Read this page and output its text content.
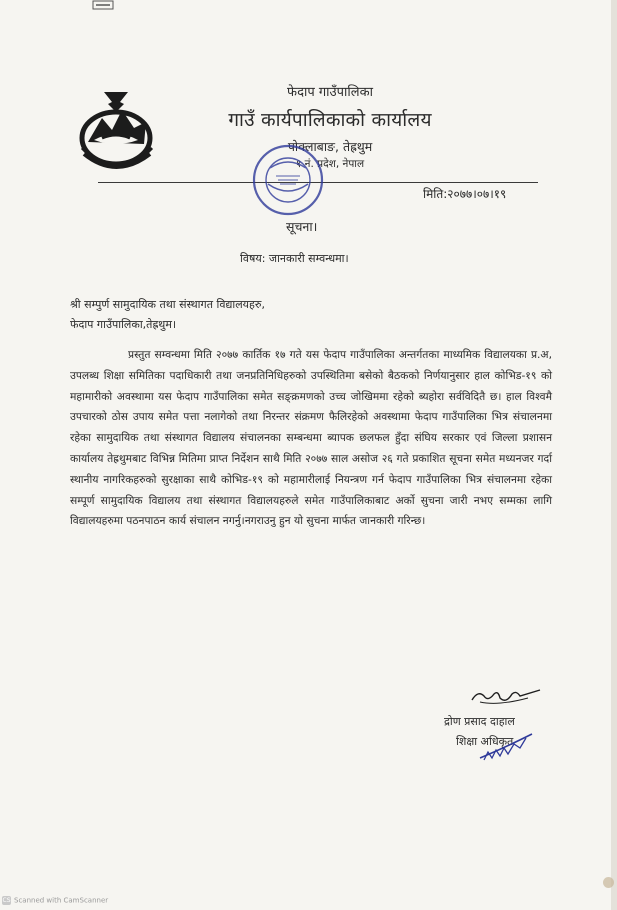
फेदाप गाउँपालिका
गाउँ कार्यपालिकाको कार्यालय
पोक्लाबाङ, तेह्रथुम
१ नं. प्रदेश, नेपाल
मिति:२०७७।०७।१९
सूचना।
विषय: जानकारी सम्वन्धमा।
श्री सम्पुर्ण सामुदायिक तथा संस्थागत विद्यालयहरु,
फेदाप गाउँपालिका,तेह्रथुम।

प्रस्तुत सम्वन्धमा मिति २०७७ कार्तिक १७ गते यस फेदाप गाउँपालिका अन्तर्गतका माध्यमिक विद्यालयका प्र.अ, उपलब्ध शिक्षा समितिका पदाधिकारी तथा जनप्रतिनिधिहरुको उपस्थितिमा बसेको बैठकको निर्णयानुसार हाल कोभिड-१९ को महामारीको अवस्थामा यस फेदाप गाउँपालिका समेत सङ्क्रमणको उच्च जोखिममा रहेको ब्यहोरा सर्वविदितै छ। हाल विश्वमै उपचारको ठोस उपाय समेत पत्ता नलागेको तथा निरन्तर संक्रमण फैलिरहेको अवस्थामा फेदाप गाउँपालिका भित्र संचालनमा रहेका सामुदायिक तथा संस्थागत विद्यालय संचालनका सम्बन्धमा ब्यापक छलफल हुँदा संघिय सरकार एवं जिल्ला प्रशासन कार्यालय तेह्रथुमबाट विभिन्न मितिमा प्राप्त निर्देशन साथै मिति २०७७ साल असोज २६ गते प्रकाशित सूचना समेत मध्यनजर गर्दा स्थानीय नागरिकहरुको सुरक्षाका साथै कोभिड-१९ को महामारीलाई नियन्त्रण गर्न फेदाप गाउँपालिका भित्र संचालनमा रहेका सम्पूर्ण सामुदायिक विद्यालय तथा संस्थागत विद्यालयहरुले समेत गाउँपालिकाबाट अर्को सुचना जारी नभए सम्मका लागि विद्यालयहरुमा पठनपाठन कार्य संचालन नगर्नु।नगराउनु हुन यो सुचना मार्फत जानकारी गरिन्छ।

द्रोण प्रसाद दाहाल
शिक्षा अधिकृत
CS Scanned with CamScanner
